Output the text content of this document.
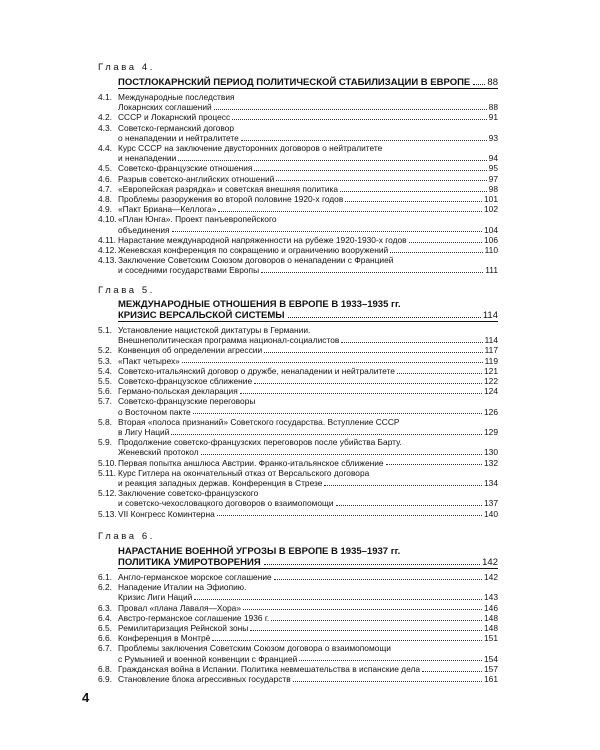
Глава 4.
ПОСТЛОКАРНСКИЙ ПЕРИОД ПОЛИТИЧЕСКОЙ СТАБИЛИЗАЦИИ В ЕВРОПЕ 88
4.1. Международные последствия
Локарнских соглашений	88
4.2. СССР и Локарнский процесс	91
4.3. Советско-германский договор
о ненападении и нейтралитете	93
4.4. Курс СССР на заключение двусторонних договоров о нейтралитете
и ненападении	94
4.5. Советско-французские отношения	95
4.6. Разрыв советско-английских отношений	97
4.7. «Европейская разрядка» и советская внешняя политика	98
4.8. Проблемы разоружения во второй половине 1920-х годов	101
4.9. «Пакт Бриана—Келлога»	102
4.10. «План Юнга». Проект панъевропейского
объединения	104
4.11. Нарастание международной напряженности на рубеже 1920-1930-х годов	106
4.12. Женевская конференция по сокращению и ограничению вооружений	110
4.13. Заключение Советским Союзом договоров о ненападении с Францией
и соседними государствами Европы	111
Глава 5.
МЕЖДУНАРОДНЫЕ ОТНОШЕНИЯ В ЕВРОПЕ В 1933–1935 гг.
КРИЗИС ВЕРСАЛЬСКОЙ СИСТЕМЫ	114
5.1. Установление нацистской диктатуры в Германии.
Внешнеполитическая программа национал-социалистов	114
5.2. Конвенция об определении агрессии	117
5.3. «Пакт четырех»	119
5.4. Советско-итальянский договор о дружбе, ненападении и нейтралитете	121
5.5. Советско-французское сближение	122
5.6. Германо-польская декларация	124
5.7. Советско-французские переговоры
о Восточном пакте	126
5.8. Вторая «полоса признаний» Советского государства. Вступление СССР
в Лигу Наций	129
5.9. Продолжение советско-французских переговоров после убийства Барту.
Женевский протокол	130
5.10. Первая попытка аншлюса Австрии. Франко-итальянское сближение	132
5.11. Курс Гитлера на окончательный отказ от Версальского договора
и реакция западных держав. Конференция в Стрезе	134
5.12. Заключение советско-французского
и советско-чехословацкого договоров о взаимопомощи	137
5.13. VII Конгресс Коминтерна	140
Глава 6.
НАРАСТАНИЕ ВОЕННОЙ УГРОЗЫ В ЕВРОПЕ В 1935–1937 гг.
ПОЛИТИКА УМИРОТВОРЕНИЯ	142
6.1. Англо-германское морское соглашение	142
6.2. Нападение Италии на Эфиопию.
Кризис Лиги Наций	143
6.3. Провал «плана Лаваля—Хора»	146
6.4. Австро-германское соглашение 1936 г.	148
6.5. Ремилитаризация Рейнской зоны	148
6.6. Конференция в Монтрё	151
6.7. Проблемы заключения Советским Союзом договора о взаимопомощи
с Румынией и военной конвенции с Францией	154
6.8. Гражданская война в Испании. Политика невмешательства в испанские дела	157
6.9. Становление блока агрессивных государств	161
4
